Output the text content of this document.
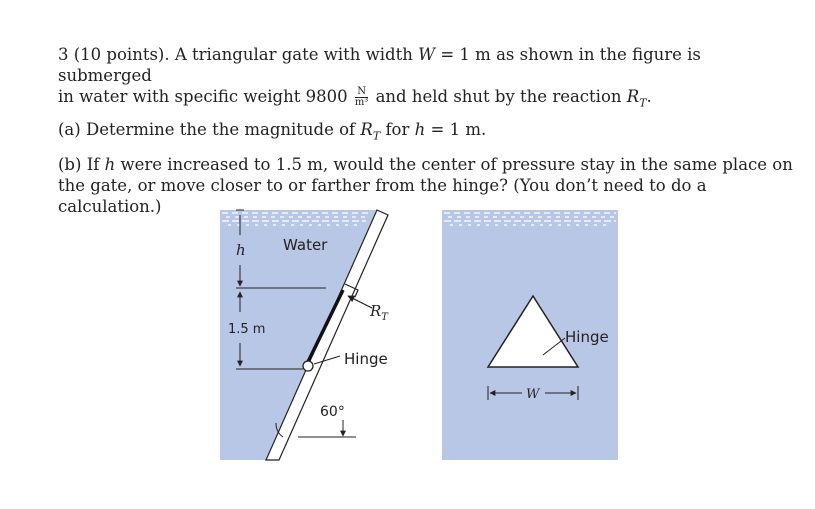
3 (10 points). A triangular gate with width W = 1 m as shown in the figure is submerged

in water with specific weight $9800 \frac{N}{\text{m³}}$ and held shut by the reaction $R_T$.

(a) Determine the the magnitude of $R_T$ for h = 1 m.

(b) If h were increased to 1.5 m, would the center of pressure stay in the same place on the gate, or move closer to or farther from the hinge? (You don’t need to do a calculation.)

Water
h
1.5 m
$R_T$
Hinge
60°
Hinge
W
